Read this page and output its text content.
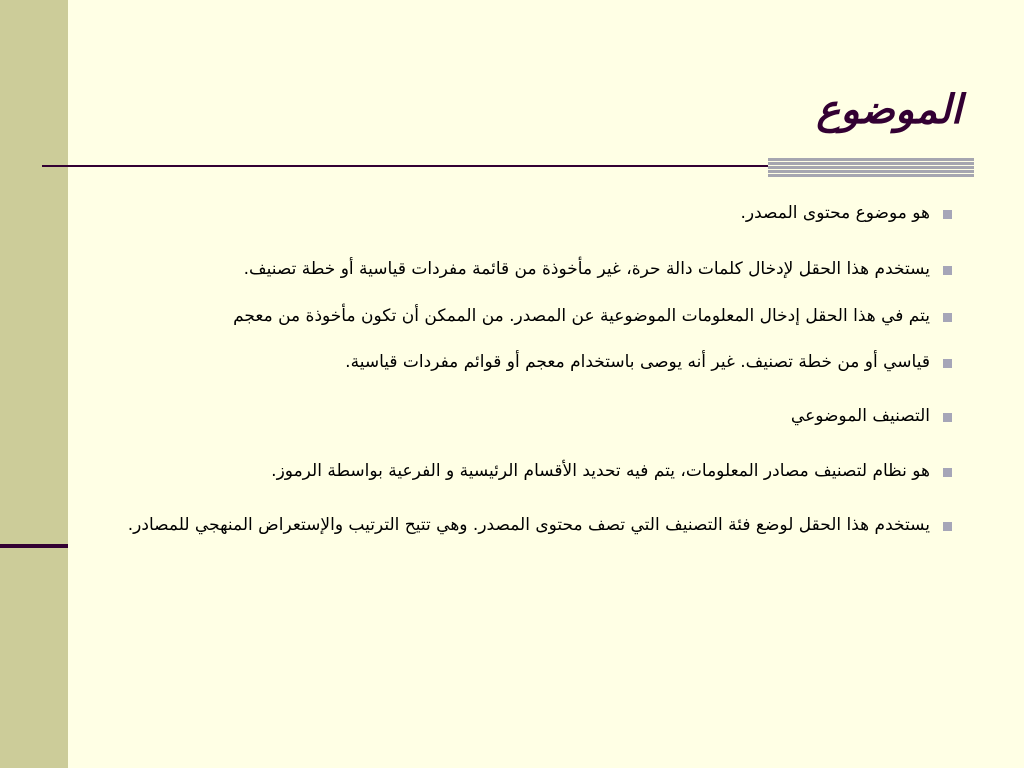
الموضوع
هو موضوع محتوى المصدر.
يستخدم هذا الحقل لإدخال كلمات دالة حرة، غير مأخوذة من قائمة مفردات قياسية أو خطة تصنيف.
يتم في هذا الحقل إدخال المعلومات الموضوعية عن المصدر. من الممكن أن تكون مأخوذة من معجم
قياسي أو من خطة تصنيف. غير أنه يوصى باستخدام معجم أو قوائم مفردات قياسية.
التصنيف الموضوعي
هو نظام لتصنيف مصادر المعلومات، يتم فيه تحديد الأقسام الرئيسية و الفرعية بواسطة الرموز.
يستخدم هذا الحقل لوضع فئة التصنيف التي تصف محتوى المصدر. وهي تتيح الترتيب والإستعراض المنهجي للمصادر.
